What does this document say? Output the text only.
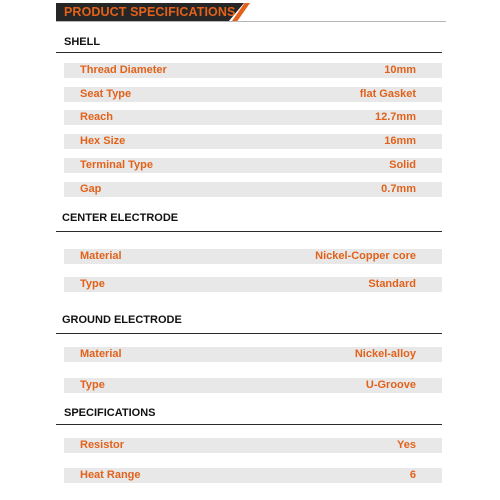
PRODUCT SPECIFICATIONS
SHELL
Thread Diameter	10mm
Seat Type	flat Gasket
Reach	12.7mm
Hex Size	16mm
Terminal Type	Solid
Gap	0.7mm
CENTER ELECTRODE
Material	Nickel-Copper core
Type	Standard
GROUND ELECTRODE
Material	Nickel-alloy
Type	U-Groove
SPECIFICATIONS
Resistor	Yes
Heat Range	6
